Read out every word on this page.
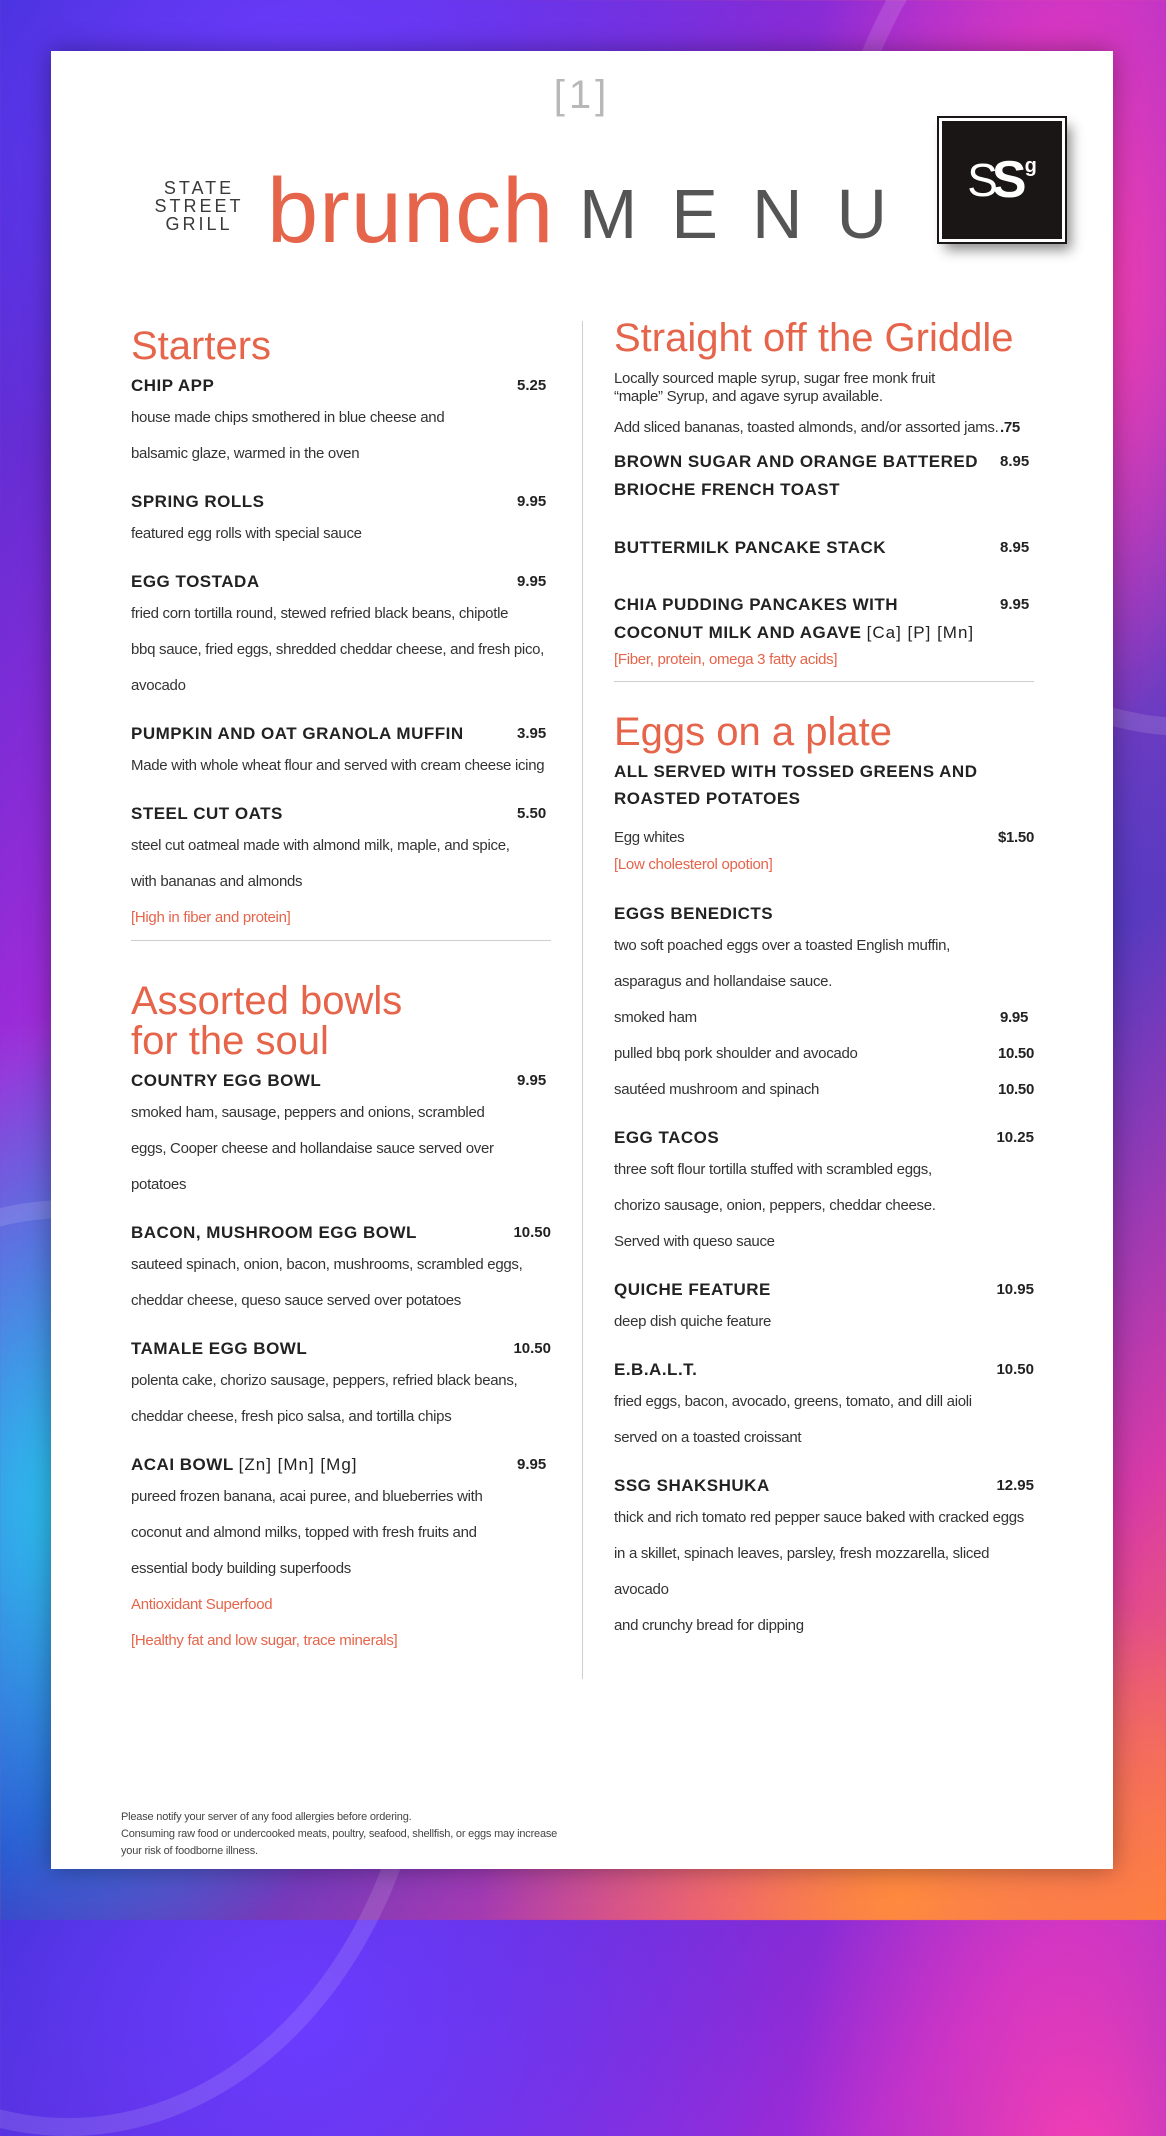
[1]
STATE
STREET
GRILL brunch MENU S
S
g
Starters
CHIP APP	5.25
house made chips smothered in blue cheese and
balsamic glaze, warmed in the oven
SPRING ROLLS	9.95
featured egg rolls with special sauce
EGG TOSTADA	9.95
fried corn tortilla round, stewed refried black beans, chipotle
bbq sauce, fried eggs, shredded cheddar cheese, and fresh pico, avocado
PUMPKIN AND OAT GRANOLA MUFFIN	3.95
Made with whole wheat flour and served with cream cheese icing
STEEL CUT OATS	5.50
steel cut oatmeal made with almond milk, maple, and spice,
with bananas and almonds
[High in fiber and protein]
Assorted bowls
for the soul
COUNTRY EGG BOWL	9.95
smoked ham, sausage, peppers and onions, scrambled
eggs, Cooper cheese and hollandaise sauce served over potatoes
BACON, MUSHROOM EGG BOWL	10.50
sauteed spinach, onion, bacon, mushrooms, scrambled eggs,
cheddar cheese, queso sauce served over potatoes
TAMALE EGG BOWL	10.50
polenta cake, chorizo sausage, peppers, refried black beans,
cheddar cheese, fresh pico salsa, and tortilla chips
ACAI BOWL [Zn] [Mn] [Mg]	9.95
pureed frozen banana, acai puree, and blueberries with
coconut and almond milks, topped with fresh fruits and
essential body building superfoods
Antioxidant Superfood
[Healthy fat and low sugar, trace minerals]
Straight off the Griddle
Locally sourced maple syrup, sugar free monk fruit “maple” Syrup, and agave syrup available.
Add sliced bananas, toasted almonds, and/or assorted jams. .75
BROWN SUGAR AND ORANGE BATTERED
BRIOCHE FRENCH TOAST
8.95
BUTTERMILK PANCAKE STACK	8.95
CHIA PUDDING PANCAKES WITH
COCONUT MILK AND AGAVE [Ca] [P] [Mn]
9.95
[Fiber, protein, omega 3 fatty acids]
Eggs on a plate
ALL SERVED WITH TOSSED GREENS AND
ROASTED POTATOES
Egg whites	$1.50
[Low cholesterol opotion]
EGGS BENEDICTS
two soft poached eggs over a toasted English muffin,
asparagus and hollandaise sauce.
smoked ham	9.95
pulled bbq pork shoulder and avocado	10.50
sautéed mushroom and spinach	10.50
EGG TACOS	10.25
three soft flour tortilla stuffed with scrambled eggs,
chorizo sausage, onion, peppers, cheddar cheese.
Served with queso sauce
QUICHE FEATURE	10.95
deep dish quiche feature
E.B.A.L.T.	10.50
fried eggs, bacon, avocado, greens, tomato, and dill aioli
served on a toasted croissant
SSG SHAKSHUKA	12.95
thick and rich tomato red pepper sauce baked with cracked eggs
in a skillet, spinach leaves, parsley, fresh mozzarella, sliced avocado
and crunchy bread for dipping
Please notify your server of any food allergies before ordering.
Consuming raw food or undercooked meats, poultry, seafood, shellfish, or eggs may increase
your risk of foodborne illness.
